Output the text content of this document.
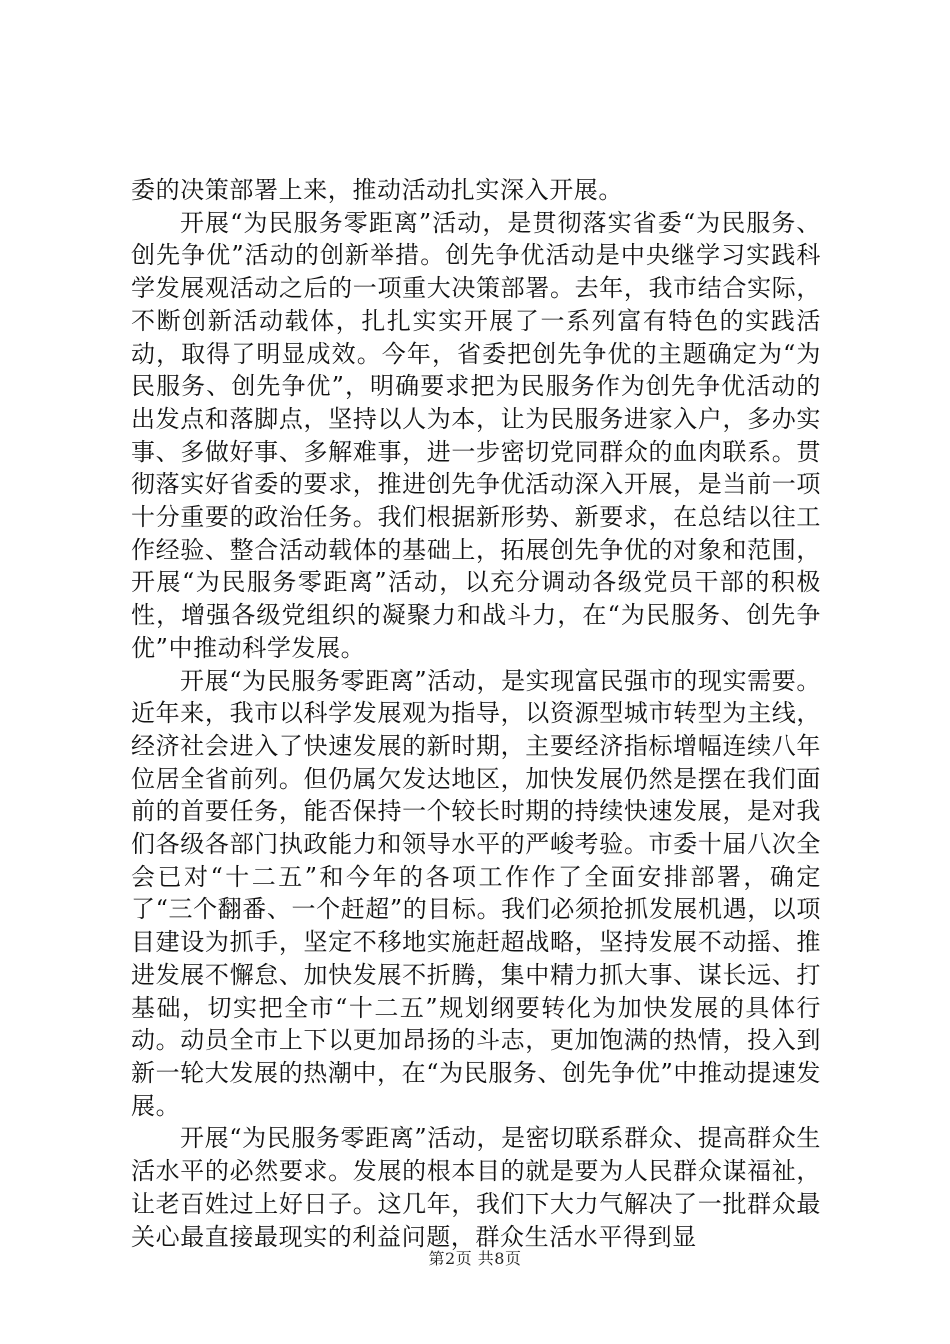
委的决策部署上来，推动活动扎实深入开展。

开展“为民服务零距离”活动，是贯彻落实省委“为民服务、创先争优”活动的创新举措。创先争优活动是中央继学习实践科学发展观活动之后的一项重大决策部署。去年，我市结合实际，不断创新活动载体，扎扎实实开展了一系列富有特色的实践活动，取得了明显成效。今年，省委把创先争优的主题确定为“为民服务、创先争优”，明确要求把为民服务作为创先争优活动的出发点和落脚点，坚持以人为本，让为民服务进家入户，多办实事、多做好事、多解难事，进一步密切党同群众的血肉联系。贯彻落实好省委的要求，推进创先争优活动深入开展，是当前一项十分重要的政治任务。我们根据新形势、新要求，在总结以往工作经验、整合活动载体的基础上，拓展创先争优的对象和范围，开展“为民服务零距离”活动，以充分调动各级党员干部的积极性，增强各级党组织的凝聚力和战斗力，在“为民服务、创先争优”中推动科学发展。

开展“为民服务零距离”活动，是实现富民强市的现实需要。近年来，我市以科学发展观为指导，以资源型城市转型为主线，经济社会进入了快速发展的新时期，主要经济指标增幅连续八年位居全省前列。但仍属欠发达地区，加快发展仍然是摆在我们面前的首要任务，能否保持一个较长时期的持续快速发展，是对我们各级各部门执政能力和领导水平的严峻考验。市委十届八次全会已对“十二五”和今年的各项工作作了全面安排部署，确定了“三个翻番、一个赶超”的目标。我们必须抢抓发展机遇，以项目建设为抓手，坚定不移地实施赶超战略，坚持发展不动摇、推进发展不懈怠、加快发展不折腾，集中精力抓大事、谋长远、打基础，切实把全市“十二五”规划纲要转化为加快发展的具体行动。动员全市上下以更加昂扬的斗志，更加饱满的热情，投入到新一轮大发展的热潮中，在“为民服务、创先争优”中推动提速发展。

开展“为民服务零距离”活动，是密切联系群众、提高群众生活水平的必然要求。发展的根本目的就是要为人民群众谋福祉，让老百姓过上好日子。这几年，我们下大力气解决了一批群众最关心最直接最现实的利益问题，群众生活水平得到显

第2页 共8页
